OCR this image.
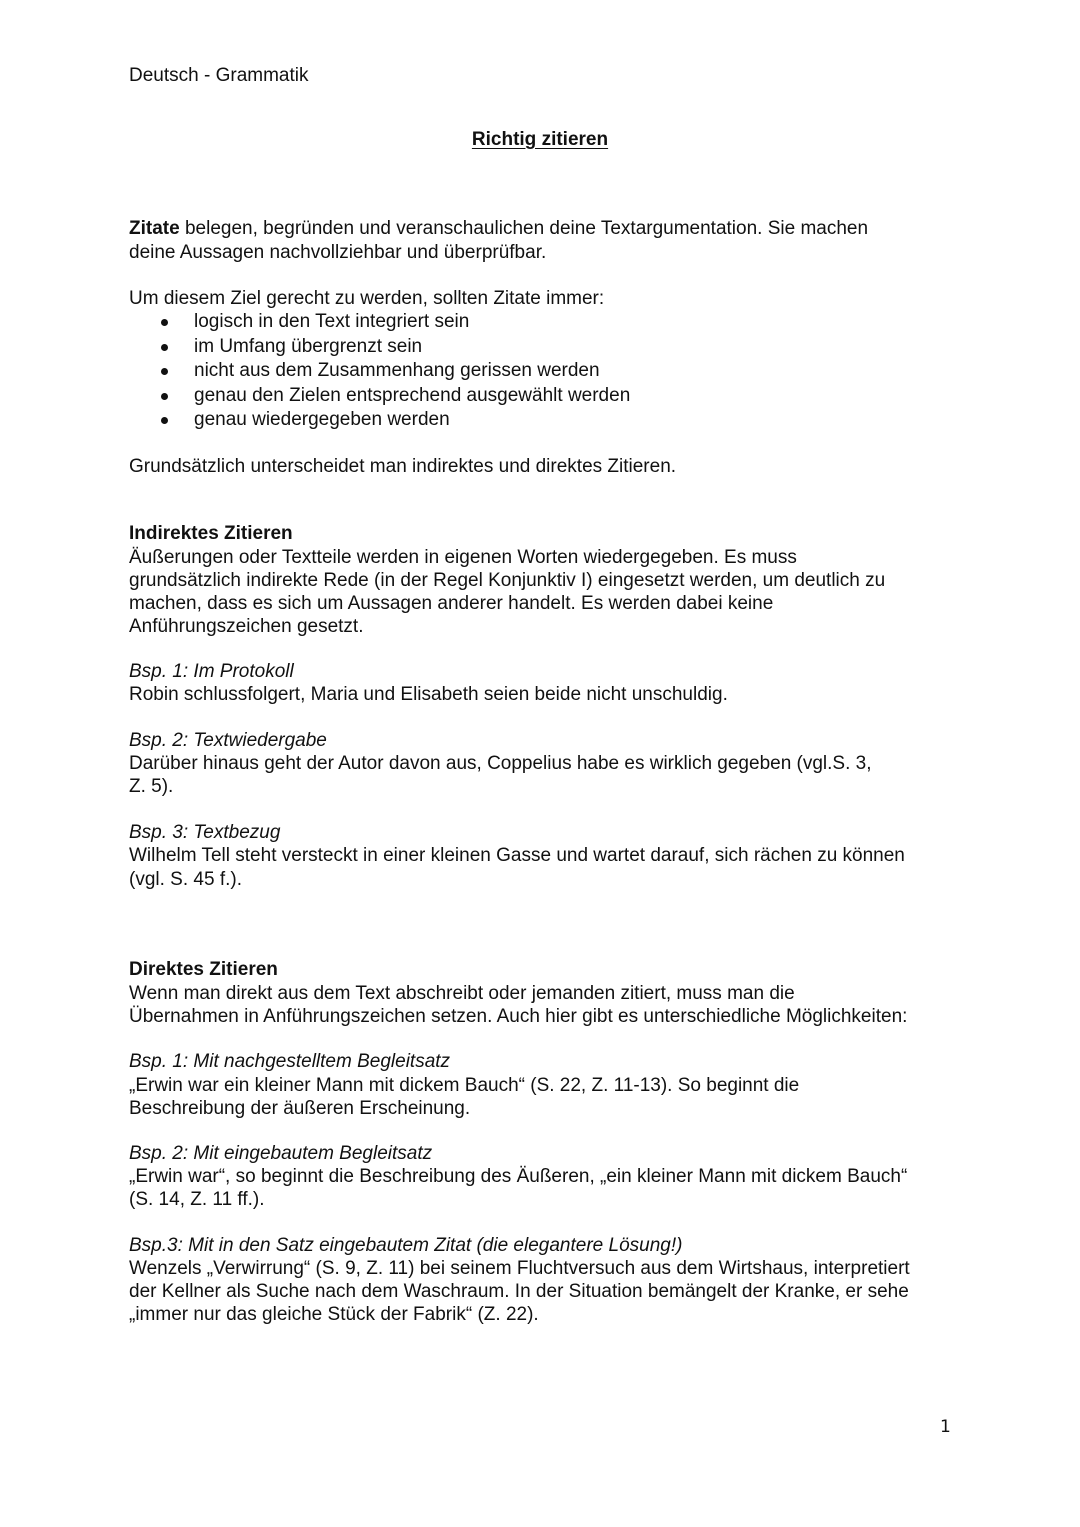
Deutsch - Grammatik
Richtig zitieren
Zitate belegen, begründen und veranschaulichen deine Textargumentation. Sie machen
deine Aussagen nachvollziehbar und überprüfbar.
Um diesem Ziel gerecht zu werden, sollten Zitate immer:
logisch in den Text integriert sein
im Umfang übergrenzt sein
nicht aus dem Zusammenhang gerissen werden
genau den Zielen entsprechend ausgewählt werden
genau wiedergegeben werden
Grundsätzlich unterscheidet man indirektes und direktes Zitieren.
Indirektes Zitieren
Äußerungen oder Textteile werden in eigenen Worten wiedergegeben. Es muss
grundsätzlich indirekte Rede (in der Regel Konjunktiv I) eingesetzt werden, um deutlich zu
machen, dass es sich um Aussagen anderer handelt. Es werden dabei keine
Anführungszeichen gesetzt.
Bsp. 1: Im Protokoll
Robin schlussfolgert, Maria und Elisabeth seien beide nicht unschuldig.
Bsp. 2: Textwiedergabe
Darüber hinaus geht der Autor davon aus, Coppelius habe es wirklich gegeben (vgl.S. 3,
Z. 5).
Bsp. 3: Textbezug
Wilhelm Tell steht versteckt in einer kleinen Gasse und wartet darauf, sich rächen zu können
(vgl. S. 45 f.).
Direktes Zitieren
Wenn man direkt aus dem Text abschreibt oder jemanden zitiert, muss man die
Übernahmen in Anführungszeichen setzen. Auch hier gibt es unterschiedliche Möglichkeiten:
Bsp. 1: Mit nachgestelltem Begleitsatz
„Erwin war ein kleiner Mann mit dickem Bauch“ (S. 22, Z. 11-13). So beginnt die
Beschreibung der äußeren Erscheinung.
Bsp. 2: Mit eingebautem Begleitsatz
„Erwin war“, so beginnt die Beschreibung des Äußeren, „ein kleiner Mann mit dickem Bauch“
(S. 14, Z. 11 ff.).
Bsp.3: Mit in den Satz eingebautem Zitat (die elegantere Lösung!)
Wenzels „Verwirrung“ (S. 9, Z. 11) bei seinem Fluchtversuch aus dem Wirtshaus, interpretiert
der Kellner als Suche nach dem Waschraum. In der Situation bemängelt der Kranke, er sehe
„immer nur das gleiche Stück der Fabrik“ (Z. 22).
1
